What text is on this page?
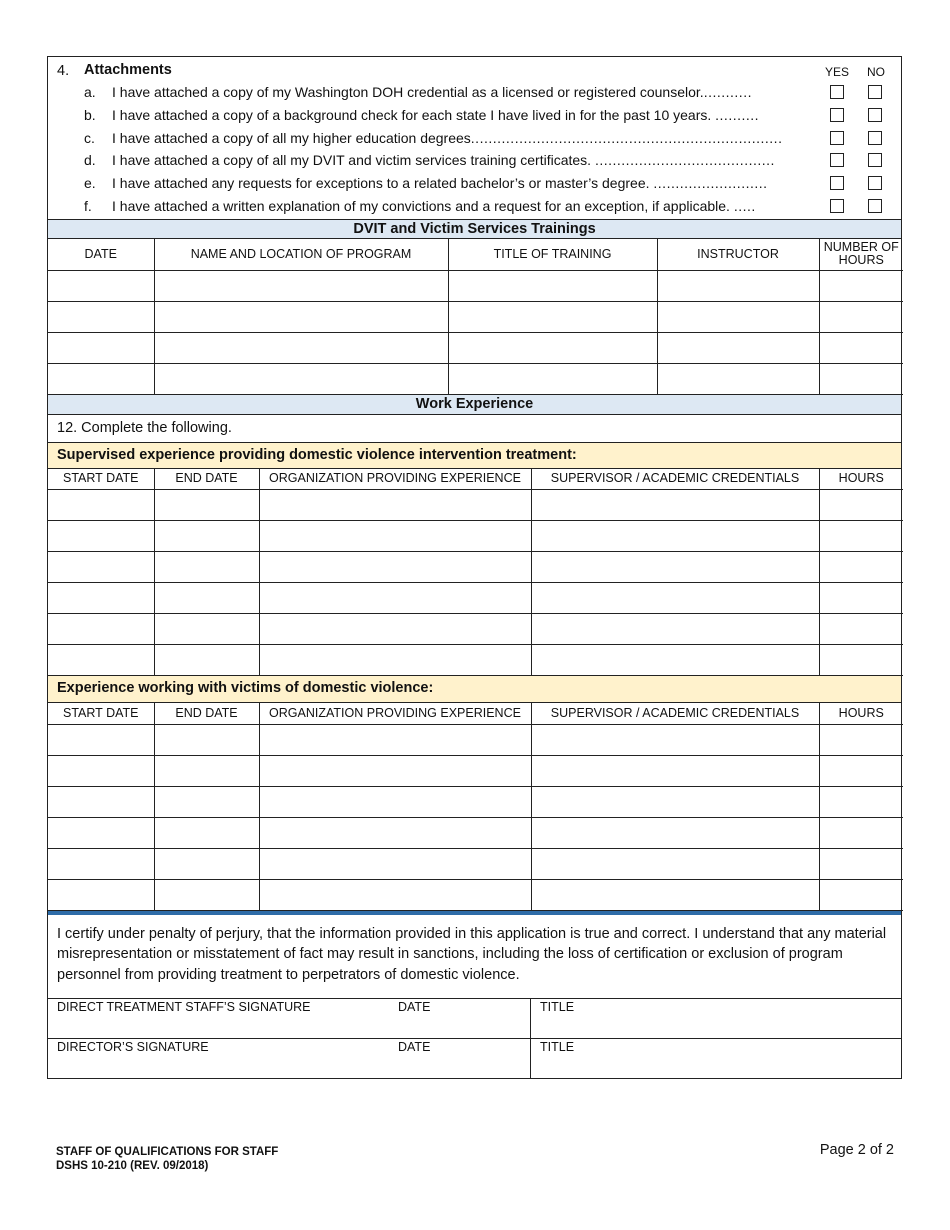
4. Attachments	YES NO
a. I have attached a copy of my Washington DOH credential as a licensed or registered counselor............
b. I have attached a copy of a background check for each state I have lived in for the past 10 years. ..........
c. I have attached a copy of all my higher education degrees.......................................................................
d. I have attached a copy of all my DVIT and victim services training certificates. .........................................
e. I have attached any requests for exceptions to a related bachelor’s or master’s degree. ..........................
f. I have attached a written explanation of my convictions and a request for an exception, if applicable. .....
DVIT and Victim Services Trainings
DATE	NAME AND LOCATION OF PROGRAM	TITLE OF TRAINING	INSTRUCTOR	NUMBER OF HOURS

Work Experience
12. Complete the following.
Supervised experience providing domestic violence intervention treatment:
START DATE	END DATE	ORGANIZATION PROVIDING EXPERIENCE	SUPERVISOR / ACADEMIC CREDENTIALS	HOURS

Experience working with victims of domestic violence:
START DATE	END DATE	ORGANIZATION PROVIDING EXPERIENCE	SUPERVISOR / ACADEMIC CREDENTIALS	HOURS

I certify under penalty of perjury, that the information provided in this application is true and correct. I understand that any material misrepresentation or misstatement of fact may result in sanctions, including the loss of certification or exclusion of program personnel from providing treatment to perpetrators of domestic violence.
DIRECT TREATMENT STAFF’S SIGNATURE	DATE	TITLE
DIRECTOR’S SIGNATURE	DATE	TITLE
STAFF OF QUALIFICATIONS FOR STAFF
DSHS 10-210 (REV. 09/2018)
Page 2 of 2
